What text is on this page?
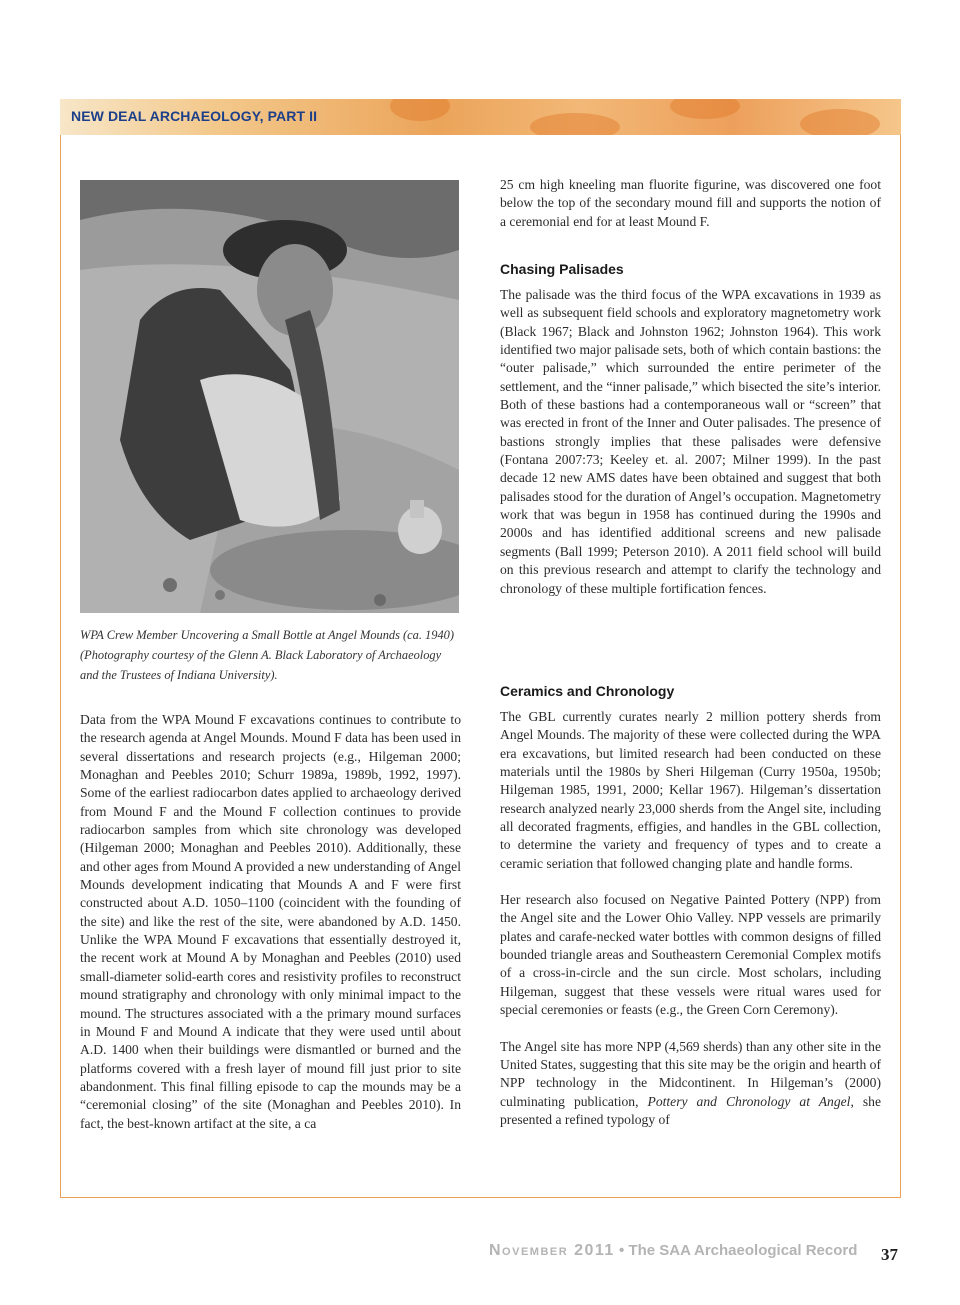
NEW DEAL ARCHAEOLOGY, PART II
WPA Crew Member Uncovering a Small Bottle at Angel Mounds (ca. 1940) (Photography courtesy of the Glenn A. Black Laboratory of Archaeology and the Trustees of Indiana University).

Data from the WPA Mound F excavations continues to contribute to the research agenda at Angel Mounds. Mound F data has been used in several dissertations and research projects (e.g., Hilgeman 2000; Monaghan and Peebles 2010; Schurr 1989a, 1989b, 1992, 1997). Some of the earliest radiocarbon dates applied to archaeology derived from Mound F and the Mound F collection continues to provide radiocarbon samples from which site chronology was developed (Hilgeman 2000; Monaghan and Peebles 2010). Additionally, these and other ages from Mound A provided a new understanding of Angel Mounds development indicating that Mounds A and F were first constructed about A.D. 1050–1100 (coincident with the founding of the site) and like the rest of the site, were abandoned by A.D. 1450. Unlike the WPA Mound F excavations that essentially destroyed it, the recent work at Mound A by Monaghan and Peebles (2010) used small-diameter solid-earth cores and resistivity profiles to reconstruct mound stratigraphy and chronology with only minimal impact to the mound. The structures associated with a the primary mound surfaces in Mound F and Mound A indicate that they were used until about A.D. 1400 when their buildings were dismantled or burned and the platforms covered with a fresh layer of mound fill just prior to site abandonment. This final filling episode to cap the mounds may be a “ceremonial closing” of the site (Monaghan and Peebles 2010). In fact, the best-known artifact at the site, a ca

25 cm high kneeling man fluorite figurine, was discovered one foot below the top of the secondary mound fill and supports the notion of a ceremonial end for at least Mound F.

Chasing Palisades

The palisade was the third focus of the WPA excavations in 1939 as well as subsequent field schools and exploratory magnetometry work (Black 1967; Black and Johnston 1962; Johnston 1964). This work identified two major palisade sets, both of which contain bastions: the “outer palisade,” which surrounded the entire perimeter of the settlement, and the “inner palisade,” which bisected the site’s interior. Both of these bastions had a contemporaneous wall or “screen” that was erected in front of the Inner and Outer palisades. The presence of bastions strongly implies that these palisades were defensive (Fontana 2007:73; Keeley et. al. 2007; Milner 1999). In the past decade 12 new AMS dates have been obtained and suggest that both palisades stood for the duration of Angel’s occupation. Magnetometry work that was begun in 1958 has continued during the 1990s and 2000s and has identified additional screens and new palisade segments (Ball 1999; Peterson 2010). A 2011 field school will build on this previous research and attempt to clarify the technology and chronology of these multiple fortification fences.

Ceramics and Chronology

The GBL currently curates nearly 2 million pottery sherds from Angel Mounds. The majority of these were collected during the WPA era excavations, but limited research had been conducted on these materials until the 1980s by Sheri Hilgeman (Curry 1950a, 1950b; Hilgeman 1985, 1991, 2000; Kellar 1967). Hilgeman’s dissertation research analyzed nearly 23,000 sherds from the Angel site, including all decorated fragments, effigies, and handles in the GBL collection, to determine the variety and frequency of types and to create a ceramic seriation that followed changing plate and handle forms.

Her research also focused on Negative Painted Pottery (NPP) from the Angel site and the Lower Ohio Valley. NPP vessels are primarily plates and carafe-necked water bottles with common designs of filled bounded triangle areas and Southeastern Ceremonial Complex motifs of a cross-in-circle and the sun circle. Most scholars, including Hilgeman, suggest that these vessels were ritual wares used for special ceremonies or feasts (e.g., the Green Corn Ceremony).

The Angel site has more NPP (4,569 sherds) than any other site in the United States, suggesting that this site may be the origin and hearth of NPP technology in the Midcontinent. In Hilgeman’s (2000) culminating publication, Pottery and Chronology at Angel, she presented a refined typology of

November 2011 • The SAA Archaeological Record 37
